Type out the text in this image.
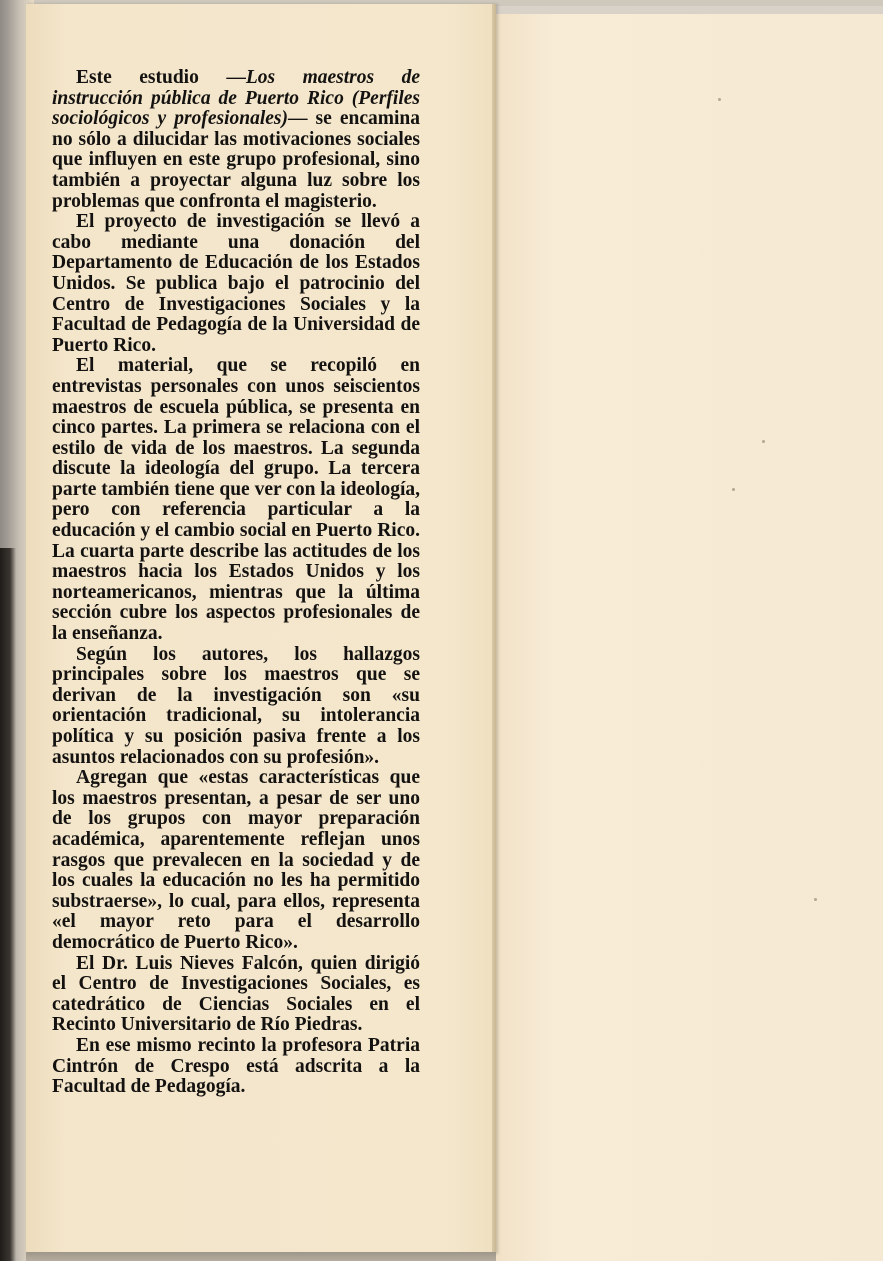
Este estudio —Los maestros de instrucción pública de Puerto Rico (Perfiles sociológicos y profesionales)— se encamina no sólo a dilucidar las motivaciones sociales que influyen en este grupo profesional, sino también a proyectar alguna luz sobre los problemas que confronta el magisterio.

El proyecto de investigación se llevó a cabo mediante una donación del Departamento de Educación de los Estados Unidos. Se publica bajo el patrocinio del Centro de Investigaciones Sociales y la Facultad de Pedagogía de la Universidad de Puerto Rico.

El material, que se recopiló en entrevistas personales con unos seiscientos maestros de escuela pública, se presenta en cinco partes. La primera se relaciona con el estilo de vida de los maestros. La segunda discute la ideología del grupo. La tercera parte también tiene que ver con la ideología, pero con referencia particular a la educación y el cambio social en Puerto Rico. La cuarta parte describe las actitudes de los maestros hacia los Estados Unidos y los norteamericanos, mientras que la última sección cubre los aspectos profesionales de la enseñanza.

Según los autores, los hallazgos principales sobre los maestros que se derivan de la investigación son «su orientación tradicional, su intolerancia política y su posición pasiva frente a los asuntos relacionados con su profesión».

Agregan que «estas características que los maestros presentan, a pesar de ser uno de los grupos con mayor preparación académica, aparentemente reflejan unos rasgos que prevalecen en la sociedad y de los cuales la educación no les ha permitido substraerse», lo cual, para ellos, representa «el mayor reto para el desarrollo democrático de Puerto Rico».

El Dr. Luis Nieves Falcón, quien dirigió el Centro de Investigaciones Sociales, es catedrático de Ciencias Sociales en el Recinto Universitario de Río Piedras.

En ese mismo recinto la profesora Patria Cintrón de Crespo está adscrita a la Facultad de Pedagogía.
